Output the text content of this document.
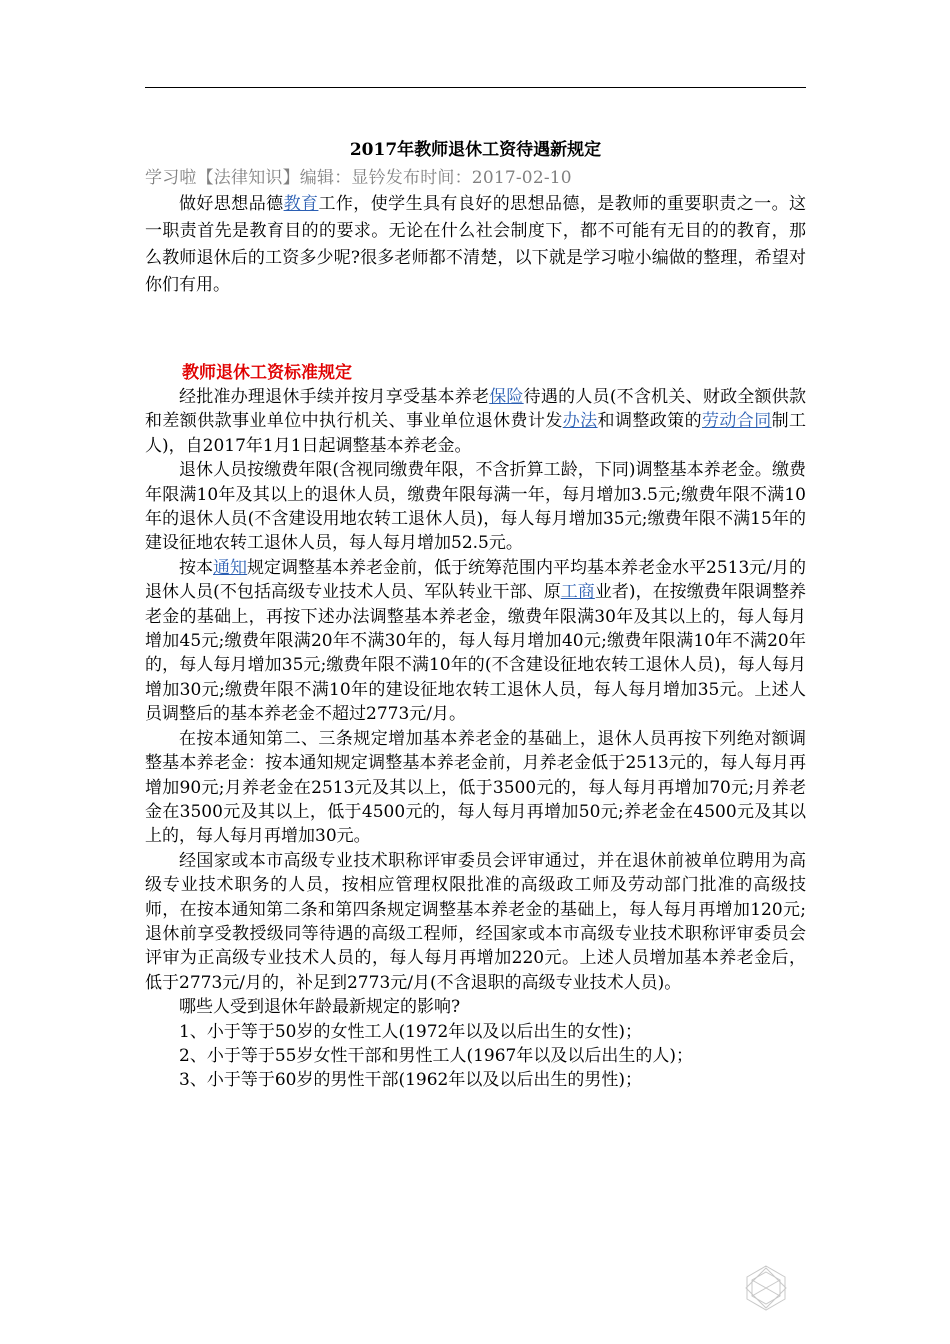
2017年教师退休工资待遇新规定

学习啦【法律知识】编辑：显钤发布时间：2017-02-10

做好思想品德教育工作，使学生具有良好的思想品德，是教师的重要职责之一。这一职责首先是教育目的的要求。无论在什么社会制度下，都不可能有无目的的教育，那么教师退休后的工资多少呢?很多老师都不清楚，以下就是学习啦小编做的整理，希望对你们有用。

教师退休工资标准规定

经批准办理退休手续并按月享受基本养老保险待遇的人员(不含机关、财政全额供款和差额供款事业单位中执行机关、事业单位退休费计发办法和调整政策的劳动合同制工人)，自2017年1月1日起调整基本养老金。

退休人员按缴费年限(含视同缴费年限，不含折算工龄，下同)调整基本养老金。缴费年限满10年及其以上的退休人员，缴费年限每满一年，每月增加3.5元;缴费年限不满10年的退休人员(不含建设用地农转工退休人员)，每人每月增加35元;缴费年限不满15年的建设征地农转工退休人员，每人每月增加52.5元。

按本通知规定调整基本养老金前，低于统筹范围内平均基本养老金水平2513元/月的退休人员(不包括高级专业技术人员、军队转业干部、原工商业者)，在按缴费年限调整养老金的基础上，再按下述办法调整基本养老金，缴费年限满30年及其以上的，每人每月增加45元;缴费年限满20年不满30年的，每人每月增加40元;缴费年限满10年不满20年的，每人每月增加35元;缴费年限不满10年的(不含建设征地农转工退休人员)，每人每月增加30元;缴费年限不满10年的建设征地农转工退休人员，每人每月增加35元。上述人员调整后的基本养老金不超过2773元/月。

在按本通知第二、三条规定增加基本养老金的基础上，退休人员再按下列绝对额调整基本养老金：按本通知规定调整基本养老金前，月养老金低于2513元的，每人每月再增加90元;月养老金在2513元及其以上，低于3500元的，每人每月再增加70元;月养老金在3500元及其以上，低于4500元的，每人每月再增加50元;养老金在4500元及其以上的，每人每月再增加30元。

经国家或本市高级专业技术职称评审委员会评审通过，并在退休前被单位聘用为高级专业技术职务的人员，按相应管理权限批准的高级政工师及劳动部门批准的高级技师，在按本通知第二条和第四条规定调整基本养老金的基础上，每人每月再增加120元;退休前享受教授级同等待遇的高级工程师，经国家或本市高级专业技术职称评审委员会评审为正高级专业技术人员的，每人每月再增加220元。上述人员增加基本养老金后，低于2773元/月的，补足到2773元/月(不含退职的高级专业技术人员)。

哪些人受到退休年龄最新规定的影响?

1、小于等于50岁的女性工人(1972年以及以后出生的女性)；

2、小于等于55岁女性干部和男性工人(1967年以及以后出生的人)；

3、小于等于60岁的男性干部(1962年以及以后出生的男性)；
